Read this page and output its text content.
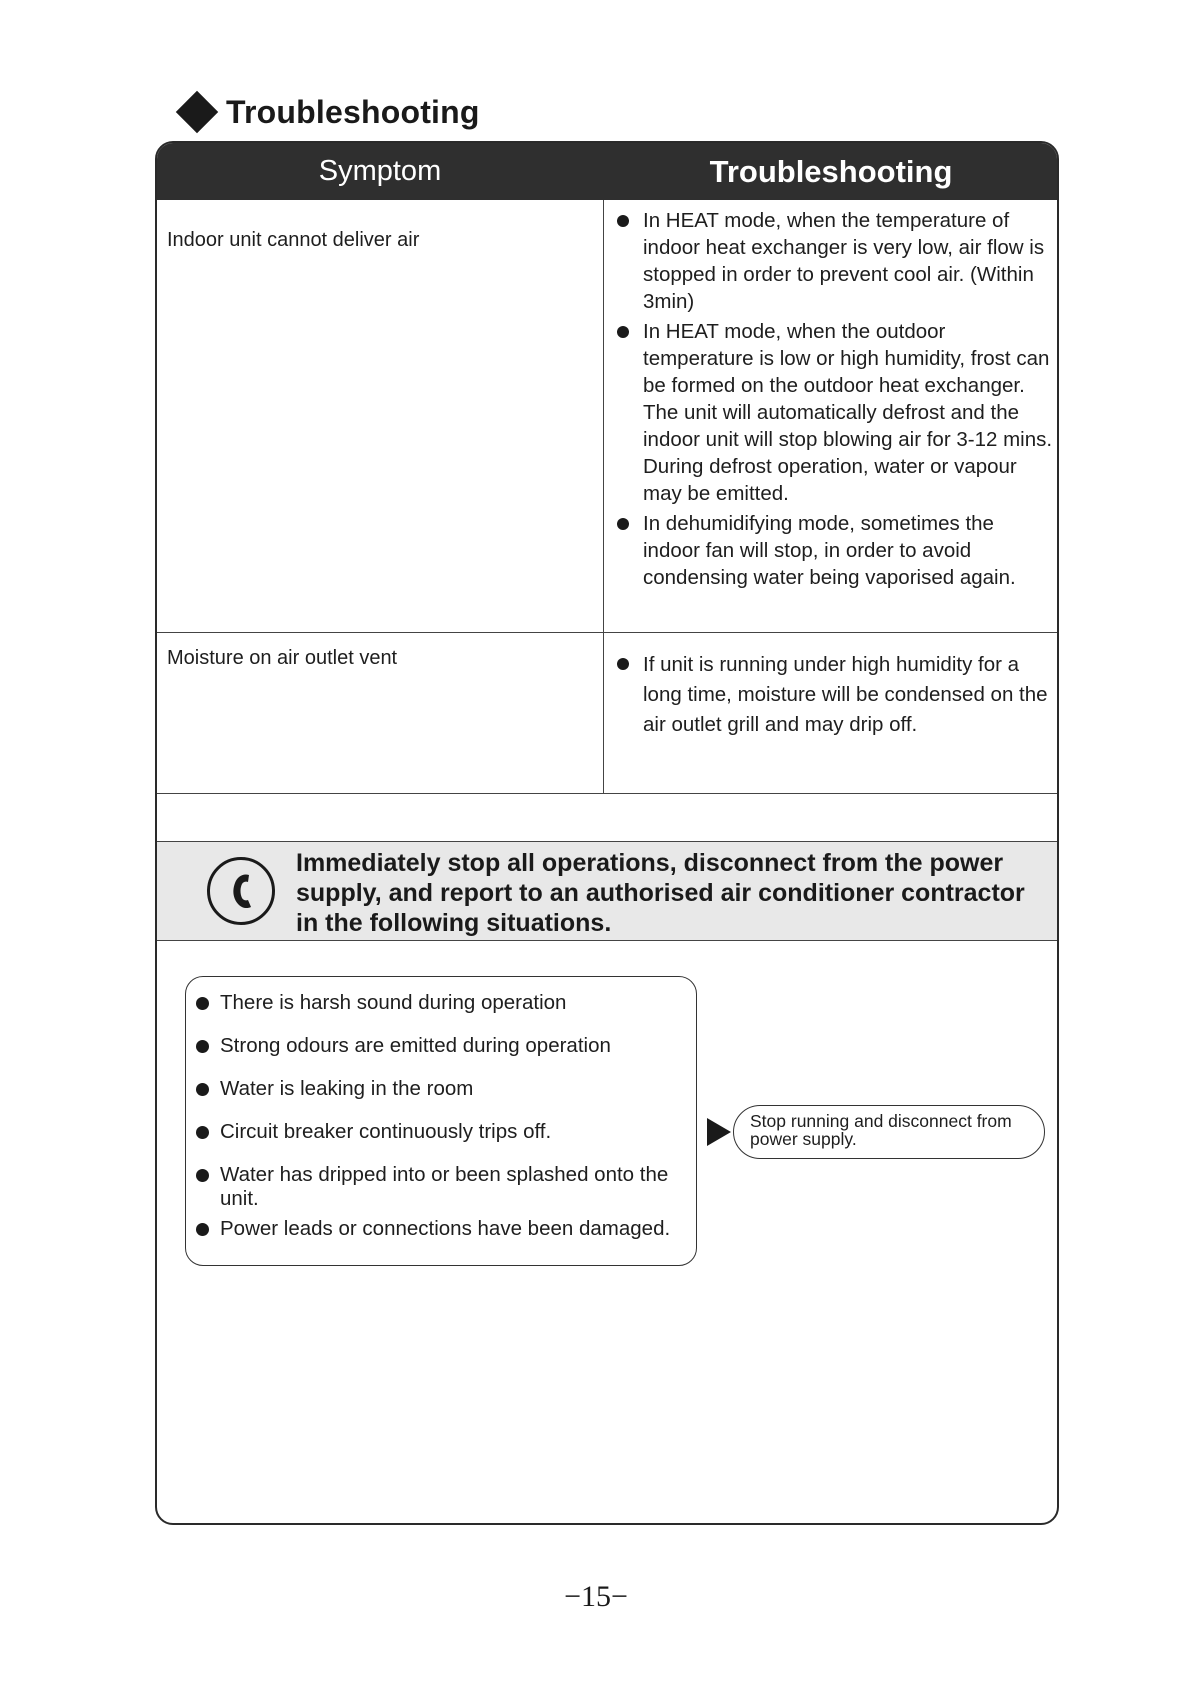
Troubleshooting
Symptom	Troubleshooting
Indoor unit cannot deliver air
In HEAT mode, when the temperature of indoor heat exchanger is very low, air flow is stopped in order to prevent cool air. (Within 3min)
In HEAT mode, when the outdoor temperature is low or high humidity, frost can be formed on the outdoor heat exchanger. The unit will automatically defrost and the indoor unit will stop blowing air for 3-12 mins. During defrost operation, water or vapour may be emitted.
In dehumidifying mode, sometimes the indoor fan will stop, in order to avoid condensing water being vaporised again.
Moisture on air outlet vent	If unit is running under high humidity for a long time, moisture will be condensed on the air outlet grill and may drip off.
Immediately stop all operations, disconnect from the power supply, and report to an authorised air conditioner contractor in the following situations.
There is harsh sound during operation
Strong odours are emitted during operation
Water is leaking in the room
Circuit breaker continuously trips off.
Water has dripped into or been splashed onto the unit.
Power leads or connections have been damaged.
Stop running and disconnect from power supply.
−15−
